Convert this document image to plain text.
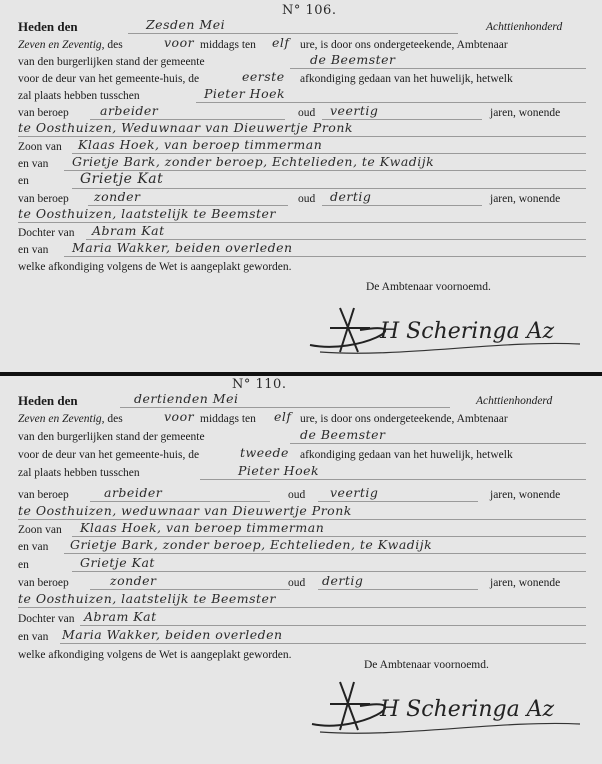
N° 106.
Heden den	Zesden Mei	Achttienhonderd
Zeven en Zeventig, des	voor middags ten elf ure, is door ons ondergeteekende, Ambtenaar
van den burgerlijken stand der gemeente	de Beemster
voor de deur van het gemeente-huis, de	eerste afkondiging gedaan van het huwelijk, hetwelk
zal plaats hebben tusschen	Pieter Hoek
van beroep arbeider	oud veertig	jaren, wonende
te Oosthuizen, Weduwnaar van Dieuwertje Pronk
Zoon van Klaas Hoek, van beroep timmerman
en van Grietje Bark, zonder beroep, Echtelieden, te Kwadijk
en	Grietje Kat
van beroep zonder	oud dertig	jaren, wonende
te Oosthuizen, laatstelijk te Beemster
Dochter van Abram Kat
en van Maria Wakker, beiden overleden
welke afkondiging volgens de Wet is aangeplakt geworden.
De Ambtenaar voornoemd.
H Scheringa Az
N° 110.
Heden den	dertienden Mei	Achttienhonderd
Zeven en Zeventig, des	voor middags ten elf ure, is door ons ondergeteekende, Ambtenaar
van den burgerlijken stand der gemeente	de Beemster
voor de deur van het gemeente-huis, de	tweede afkondiging gedaan van het huwelijk, hetwelk
zal plaats hebben tusschen	Pieter Hoek
van beroep	arbeider	oud veertig	jaren, wonende
te Oosthuizen, weduwnaar van Dieuwertje Pronk
Zoon van Klaas Hoek, van beroep timmerman
en van Grietje Bark, zonder beroep, Echtelieden, te Kwadijk
en	Grietje Kat
van beroep	zonder	oud dertig	jaren, wonende
te Oosthuizen, laatstelijk te Beemster
Dochter van Abram Kat
en van Maria Wakker, beiden overleden
welke afkondiging volgens de Wet is aangeplakt geworden.
De Ambtenaar voornoemd.
H Scheringa Az
